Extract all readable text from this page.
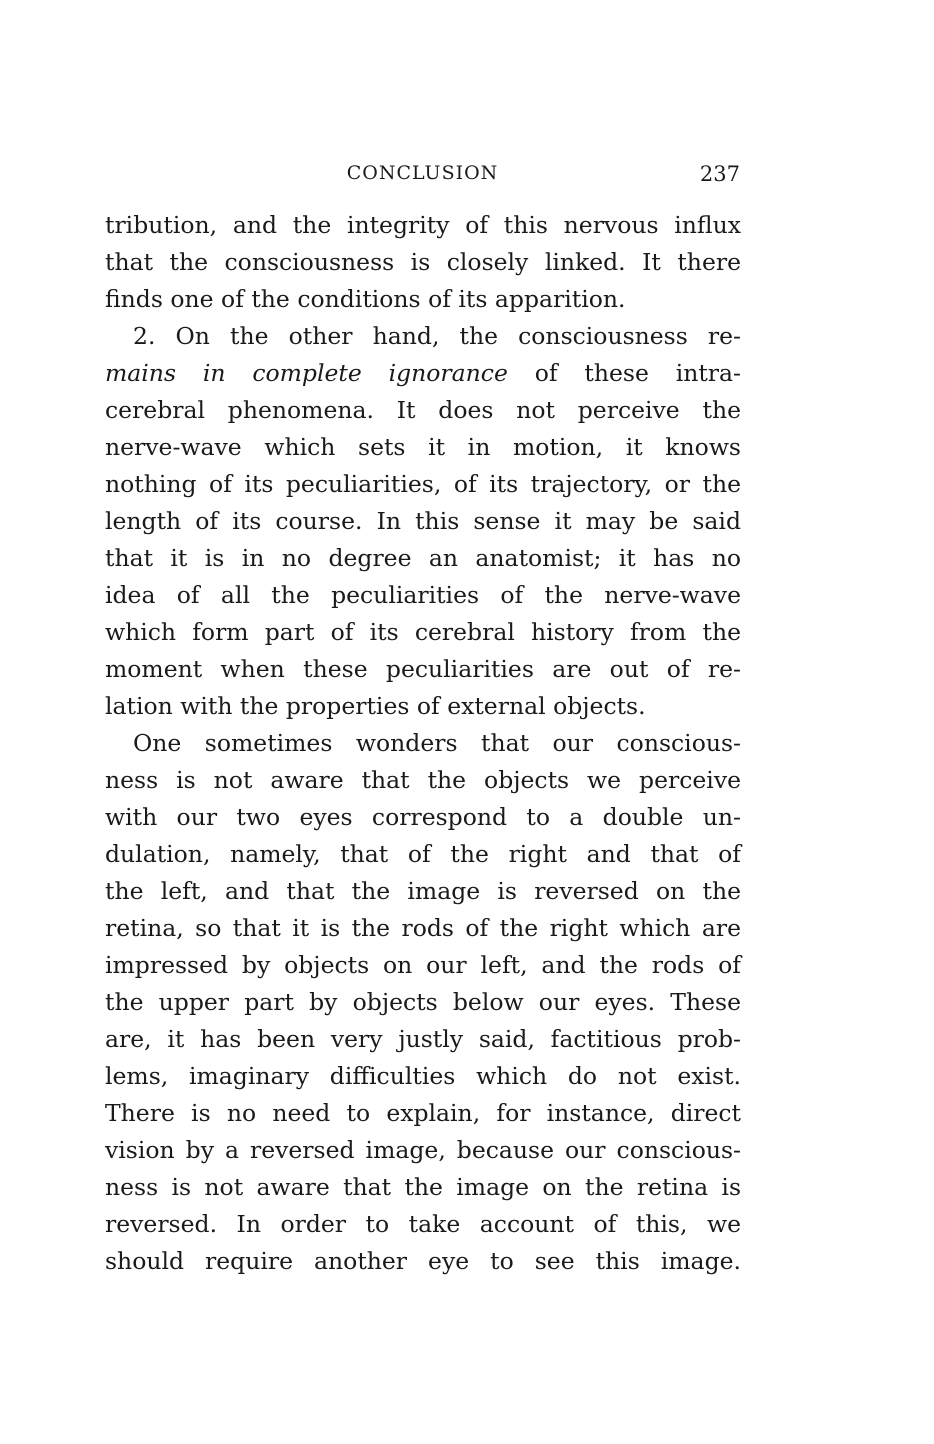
CONCLUSION	237
tribution, and the integrity of this nervous influx
that the consciousness is closely linked. It there
finds one of the conditions of its apparition.
2. On the other hand, the consciousness re-
mains in complete ignorance of these intra-
cerebral phenomena. It does not perceive the
nerve-wave which sets it in motion, it knows
nothing of its peculiarities, of its trajectory, or the
length of its course. In this sense it may be said
that it is in no degree an anatomist; it has no
idea of all the peculiarities of the nerve-wave
which form part of its cerebral history from the
moment when these peculiarities are out of re-
lation with the properties of external objects.
One sometimes wonders that our conscious-
ness is not aware that the objects we perceive
with our two eyes correspond to a double un-
dulation, namely, that of the right and that of
the left, and that the image is reversed on the
retina, so that it is the rods of the right which are
impressed by objects on our left, and the rods of
the upper part by objects below our eyes. These
are, it has been very justly said, factitious prob-
lems, imaginary difficulties which do not exist.
There is no need to explain, for instance, direct
vision by a reversed image, because our conscious-
ness is not aware that the image on the retina is
reversed. In order to take account of this, we
should require another eye to see this image.
